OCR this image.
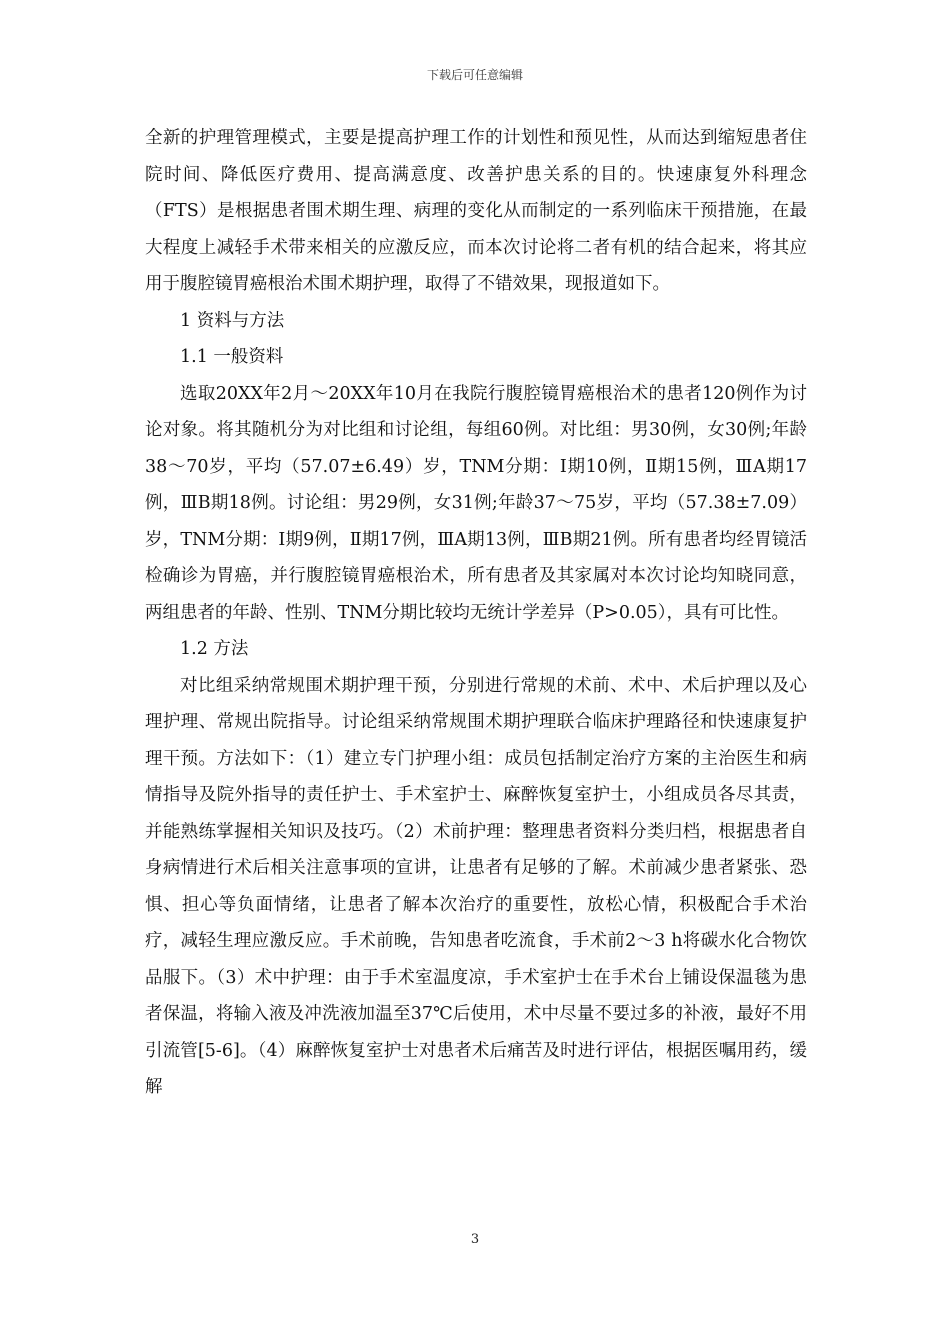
下载后可任意编辑

全新的护理管理模式，主要是提高护理工作的计划性和预见性，从而达到缩短患者住院时间、降低医疗费用、提高满意度、改善护患关系的目的。快速康复外科理念（FTS）是根据患者围术期生理、病理的变化从而制定的一系列临床干预措施，在最大程度上减轻手术带来相关的应激反应，而本次讨论将二者有机的结合起来，将其应用于腹腔镜胃癌根治术围术期护理，取得了不错效果，现报道如下。

1 资料与方法

1.1 一般资料

选取20XX年2月～20XX年10月在我院行腹腔镜胃癌根治术的患者120例作为讨论对象。将其随机分为对比组和讨论组，每组60例。对比组：男30例，女30例;年龄38～70岁，平均（57.07±6.49）岁，TNM分期：Ⅰ期10例，Ⅱ期15例，ⅢA期17例，ⅢB期18例。讨论组：男29例，女31例;年龄37～75岁，平均（57.38±7.09）岁，TNM分期：Ⅰ期9例，Ⅱ期17例，ⅢA期13例，ⅢB期21例。所有患者均经胃镜活检确诊为胃癌，并行腹腔镜胃癌根治术，所有患者及其家属对本次讨论均知晓同意，两组患者的年龄、性别、TNM分期比较均无统计学差异（P>0.05），具有可比性。

1.2 方法

对比组采纳常规围术期护理干预，分别进行常规的术前、术中、术后护理以及心理护理、常规出院指导。讨论组采纳常规围术期护理联合临床护理路径和快速康复护理干预。方法如下：（1）建立专门护理小组：成员包括制定治疗方案的主治医生和病情指导及院外指导的责任护士、手术室护士、麻醉恢复室护士，小组成员各尽其责，并能熟练掌握相关知识及技巧。（2）术前护理：整理患者资料分类归档，根据患者自身病情进行术后相关注意事项的宣讲，让患者有足够的了解。术前减少患者紧张、恐惧、担心等负面情绪，让患者了解本次治疗的重要性，放松心情，积极配合手术治疗，减轻生理应激反应。手术前晚，告知患者吃流食，手术前2～3 h将碳水化合物饮品服下。（3）术中护理：由于手术室温度凉，手术室护士在手术台上铺设保温毯为患者保温，将输入液及冲洗液加温至37℃后使用，术中尽量不要过多的补液，最好不用引流管[5-6]。（4）麻醉恢复室护士对患者术后痛苦及时进行评估，根据医嘱用药，缓解

3
